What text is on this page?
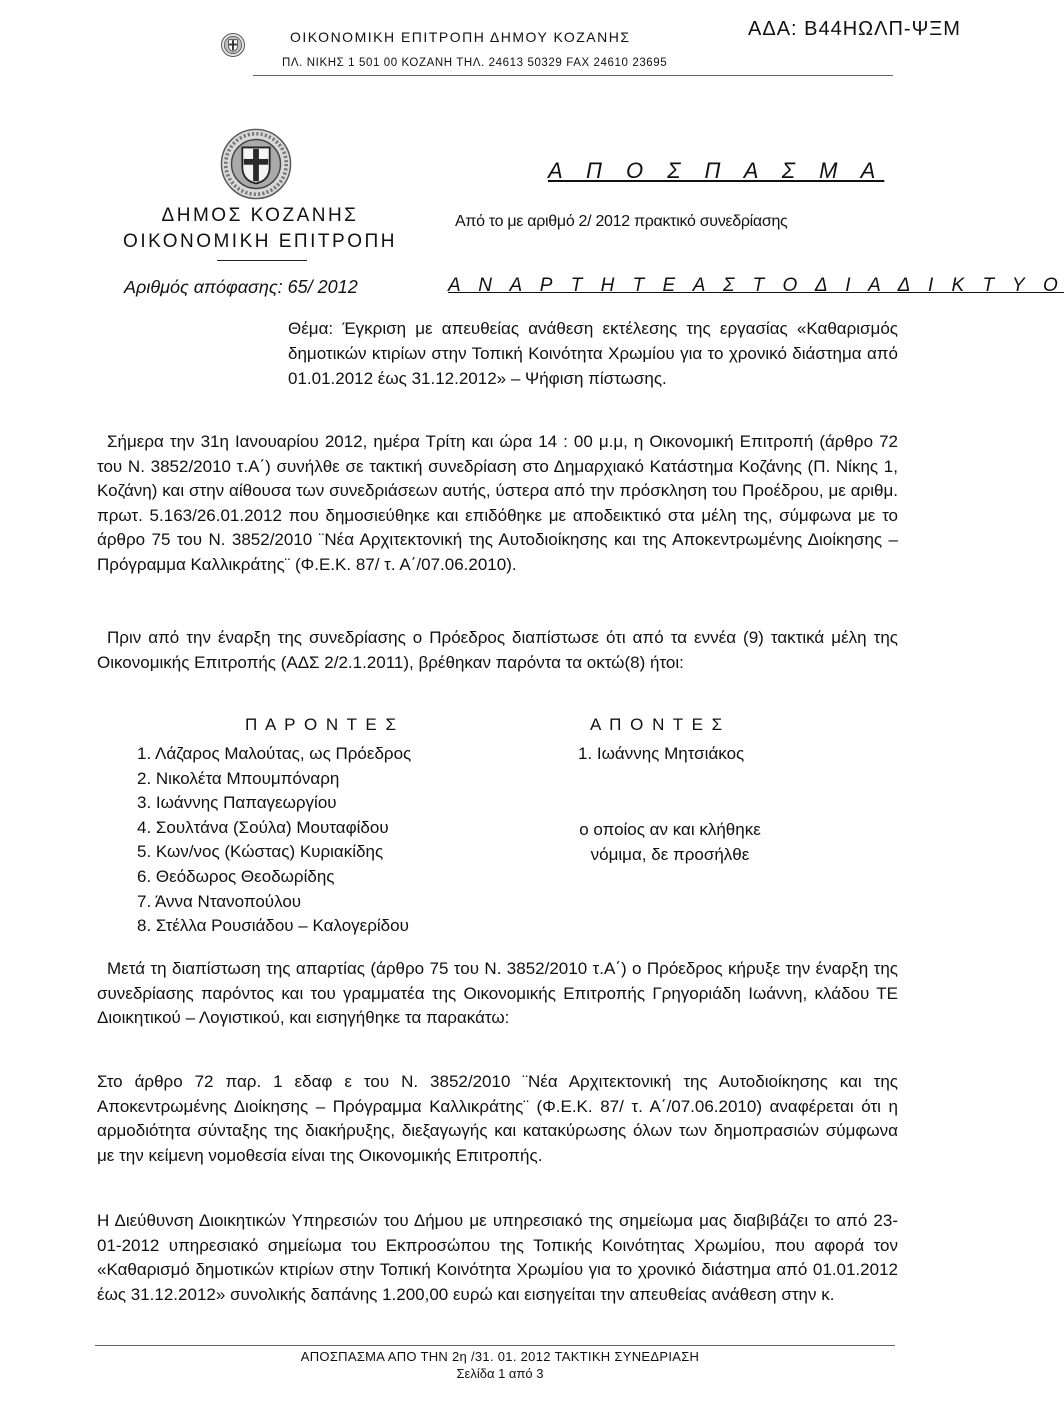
ΟΙΚΟΝΟΜΙΚΗ ΕΠΙΤΡΟΠΗ ΔΗΜΟΥ ΚΟΖΑΝΗΣ
ΠΛ. ΝΙΚΗΣ 1 501 00 ΚΟΖΑΝΗ ΤΗΛ. 24613 50329 FAX 24610 23695
ΑΔΑ: Β44ΗΩΛΠ-ΨΞΜ
Α Π Ο Σ Π Α Σ Μ Α
ΔΗΜΟΣ ΚΟΖΑΝΗΣ
ΟΙΚΟΝΟΜΙΚΗ ΕΠΙΤΡΟΠΗ
Από το με αριθμό 2/ 2012 πρακτικό συνεδρίασης
Αριθμός απόφασης: 65/ 2012	Α Ν Α Ρ Τ Η Τ Ε Α Σ Τ Ο Δ Ι Α Δ Ι Κ Τ Υ Ο
Θέμα: Έγκριση με απευθείας ανάθεση εκτέλεσης της εργασίας «Καθαρισμός δημοτικών κτιρίων στην Τοπική Κοινότητα Χρωμίου για το χρονικό διάστημα από 01.01.2012 έως 31.12.2012» – Ψήφιση πίστωσης.
Σήμερα την 31η Ιανουαρίου 2012, ημέρα Τρίτη και ώρα 14 : 00 μ.μ, η Οικονομική Επιτροπή (άρθρο 72 του Ν. 3852/2010 τ.Α΄) συνήλθε σε τακτική συνεδρίαση στο Δημαρχιακό Κατάστημα Κοζάνης (Π. Νίκης 1, Κοζάνη) και στην αίθουσα των συνεδριάσεων αυτής, ύστερα από την πρόσκληση του Προέδρου, με αριθμ. πρωτ. 5.163/26.01.2012 που δημοσιεύθηκε και επιδόθηκε με αποδεικτικό στα μέλη της, σύμφωνα με το άρθρο 75 του Ν. 3852/2010 ¨Νέα Αρχιτεκτονική της Αυτοδιοίκησης και της Αποκεντρωμένης Διοίκησης – Πρόγραμμα Καλλικράτης¨ (Φ.Ε.Κ. 87/ τ. Α΄/07.06.2010).
Πριν από την έναρξη της συνεδρίασης ο Πρόεδρος διαπίστωσε ότι από τα εννέα (9) τακτικά μέλη της Οικονομικής Επιτροπής (ΑΔΣ 2/2.1.2011), βρέθηκαν παρόντα τα οκτώ(8) ήτοι:
Π Α Ρ Ο Ν Τ Ε Σ	Α Π Ο Ν Τ Ε Σ
1. Λάζαρος Μαλούτας, ως Πρόεδρος
2. Νικολέτα Μπουμπόναρη
3. Ιωάννης Παπαγεωργίου
4. Σουλτάνα (Σούλα) Μουταφίδου
5. Κων/νος (Κώστας) Κυριακίδης
6. Θεόδωρος Θεοδωρίδης
7. Άννα Ντανοπούλου
8. Στέλλα Ρουσιάδου – Καλογερίδου
1. Ιωάννης Μητσιάκος
ο οποίος αν και κλήθηκε
νόμιμα, δε προσήλθε
Μετά τη διαπίστωση της απαρτίας (άρθρο 75 του Ν. 3852/2010 τ.Α΄) ο Πρόεδρος κήρυξε την έναρξη της συνεδρίασης παρόντος και του γραμματέα της Οικονομικής Επιτροπής Γρηγοριάδη Ιωάννη, κλάδου ΤΕ Διοικητικού – Λογιστικού, και εισηγήθηκε τα παρακάτω:
Στο άρθρο 72 παρ. 1 εδαφ ε του Ν. 3852/2010 ¨Νέα Αρχιτεκτονική της Αυτοδιοίκησης και της Αποκεντρωμένης Διοίκησης – Πρόγραμμα Καλλικράτης¨ (Φ.Ε.Κ. 87/ τ. Α΄/07.06.2010) αναφέρεται ότι η αρμοδιότητα σύνταξης της διακήρυξης, διεξαγωγής και κατακύρωσης όλων των δημοπρασιών σύμφωνα με την κείμενη νομοθεσία είναι της Οικονομικής Επιτροπής.
Η Διεύθυνση Διοικητικών Υπηρεσιών του Δήμου με υπηρεσιακό της σημείωμα μας διαβιβάζει το από 23-01-2012 υπηρεσιακό σημείωμα του Εκπροσώπου της Τοπικής Κοινότητας Χρωμίου, που αφορά τον «Καθαρισμό δημοτικών κτιρίων στην Τοπική Κοινότητα Χρωμίου για το χρονικό διάστημα από 01.01.2012 έως 31.12.2012» συνολικής δαπάνης 1.200,00 ευρώ και εισηγείται την απευθείας ανάθεση στην κ.
ΑΠΟΣΠΑΣΜΑ ΑΠΟ ΤΗΝ 2η /31. 01. 2012 ΤΑΚΤΙΚΗ ΣΥΝΕΔΡΙΑΣΗ
Σελίδα 1 από 3
